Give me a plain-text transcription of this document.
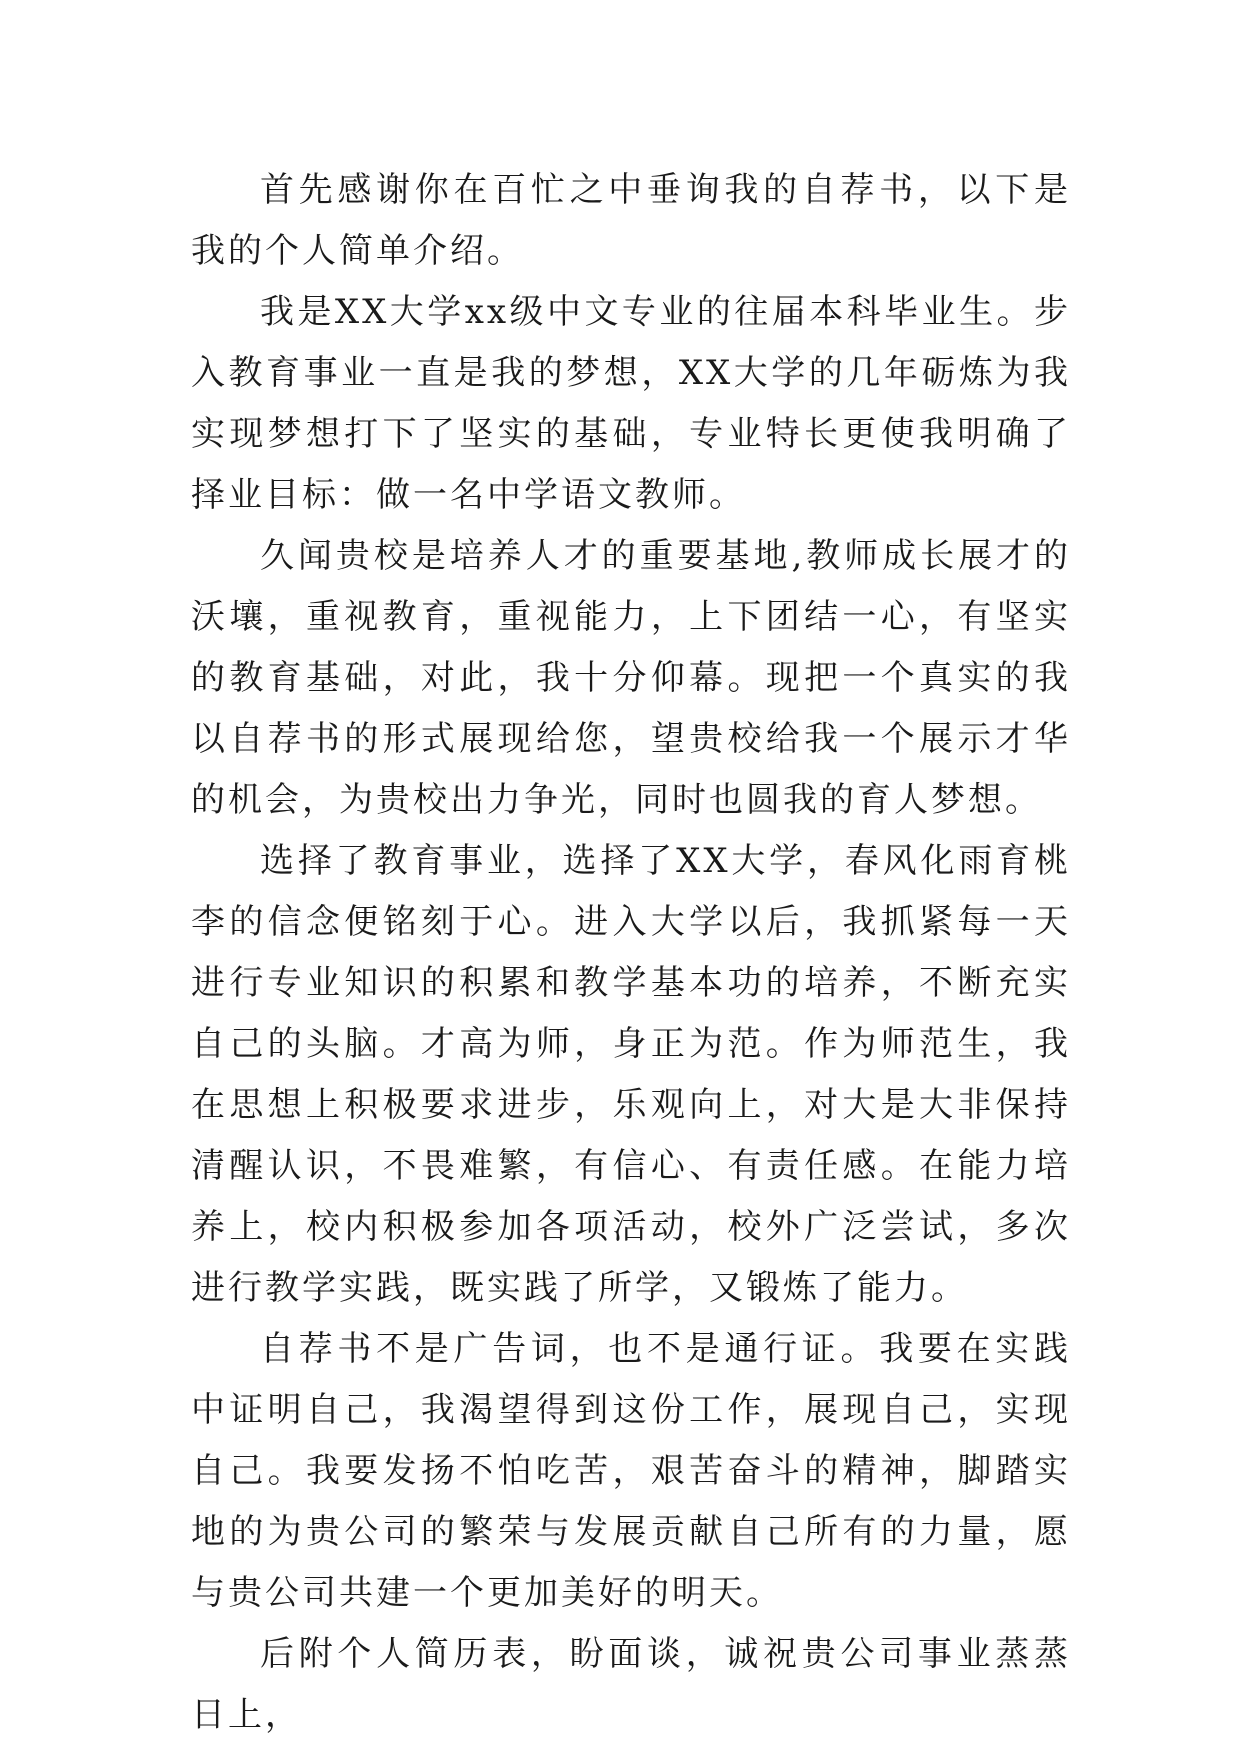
首先感谢你在百忙之中垂询我的自荐书，以下是我的个人简单介绍。

我是XX大学xx级中文专业的往届本科毕业生。步入教育事业一直是我的梦想，XX大学的几年砺炼为我实现梦想打下了坚实的基础，专业特长更使我明确了择业目标：做一名中学语文教师。

久闻贵校是培养人才的重要基地,教师成长展才的沃壤，重视教育，重视能力，上下团结一心，有坚实的教育基础，对此，我十分仰幕。现把一个真实的我以自荐书的形式展现给您，望贵校给我一个展示才华的机会，为贵校出力争光，同时也圆我的育人梦想。

选择了教育事业，选择了XX大学，春风化雨育桃李的信念便铭刻于心。进入大学以后，我抓紧每一天进行专业知识的积累和教学基本功的培养，不断充实自己的头脑。才高为师，身正为范。作为师范生，我在思想上积极要求进步，乐观向上，对大是大非保持清醒认识，不畏难繁，有信心、有责任感。在能力培养上，校内积极参加各项活动，校外广泛尝试，多次进行教学实践，既实践了所学，又锻炼了能力。

自荐书不是广告词，也不是通行证。我要在实践中证明自己，我渴望得到这份工作，展现自己，实现自己。我要发扬不怕吃苦，艰苦奋斗的精神，脚踏实地的为贵公司的繁荣与发展贡献自己所有的力量，愿与贵公司共建一个更加美好的明天。

后附个人简历表，盼面谈，诚祝贵公司事业蒸蒸日上，
